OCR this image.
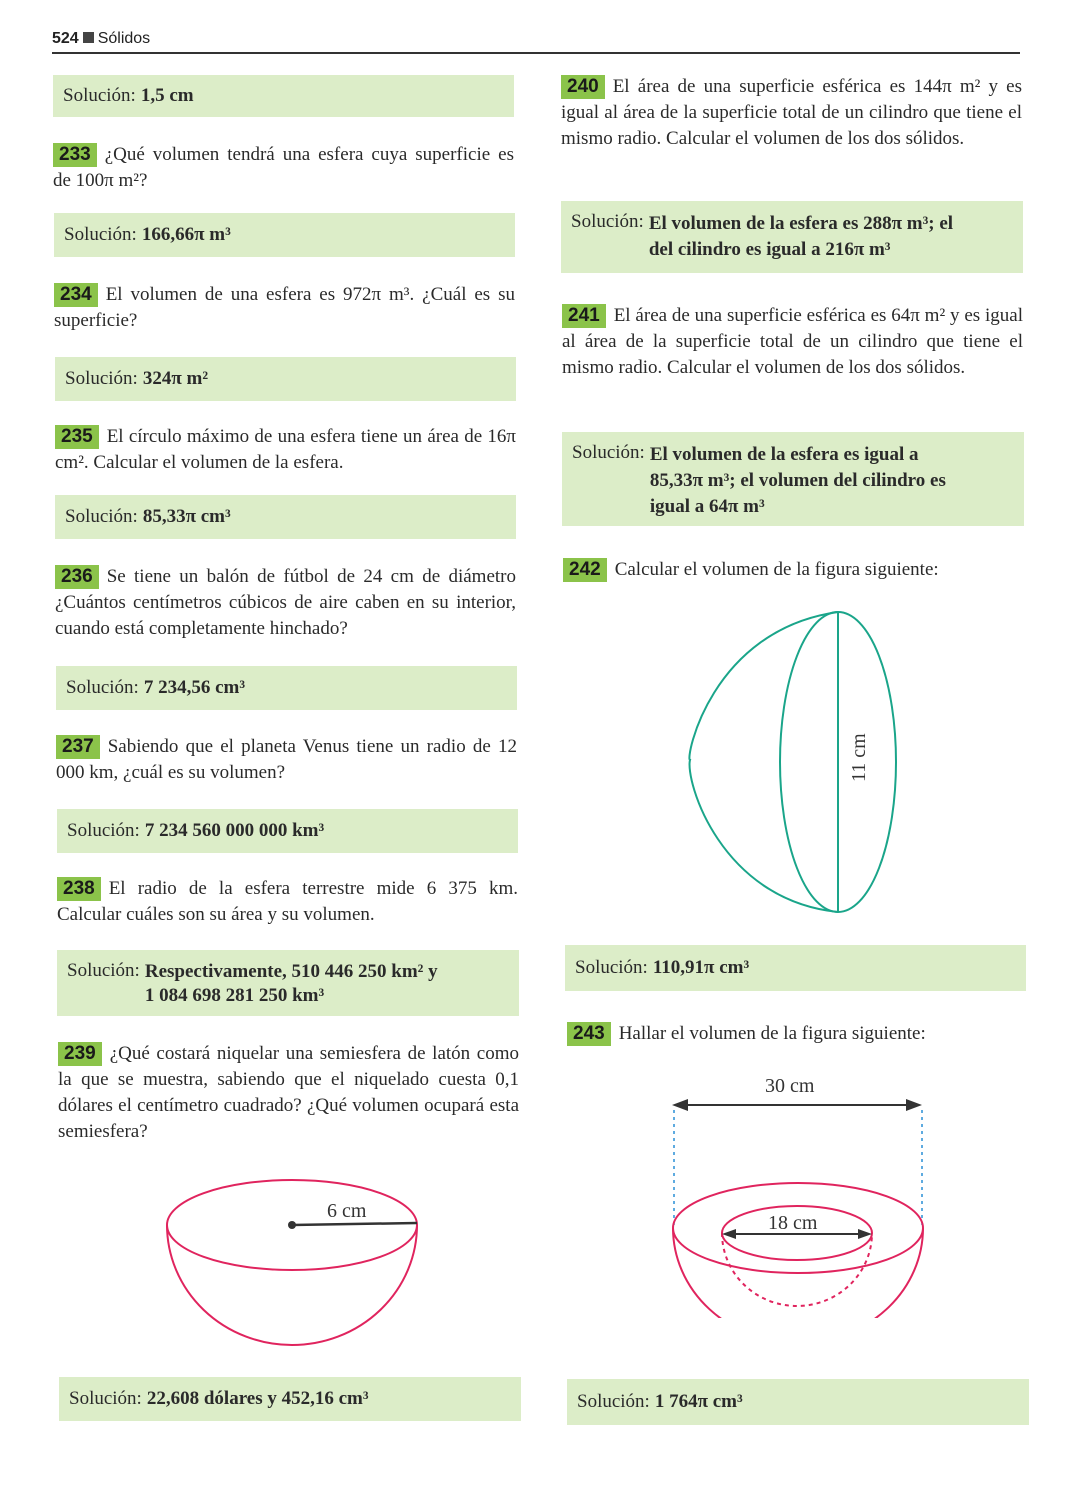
524 Sólidos
Solución: 1,5 cm
233 ¿Qué volumen tendrá una esfera cuya superficie es de 100π m²?
Solución: 166,66π m³
234 El volumen de una esfera es 972π m³. ¿Cuál es su superficie?
Solución: 324π m²
235 El círculo máximo de una esfera tiene un área de 16π cm². Calcular el volumen de la esfera.
Solución: 85,33π cm³
236 Se tiene un balón de fútbol de 24 cm de diámetro ¿Cuántos centímetros cúbicos de aire caben en su interior, cuando está completamente hinchado?
Solución: 7 234,56 cm³
237 Sabiendo que el planeta Venus tiene un radio de 12 000 km, ¿cuál es su volumen?
Solución: 7 234 560 000 000 km³
238 El radio de la esfera terrestre mide 6 375 km. Calcular cuáles son su área y su volumen.
Solución: Respectivamente, 510 446 250 km² y
1 084 698 281 250 km³
239 ¿Qué costará niquelar una semiesfera de latón como la que se muestra, sabiendo que el niquelado cuesta 0,1 dólares el centímetro cuadrado? ¿Qué volumen ocupará esta semiesfera?
6 cm
Solución: 22,608 dólares y 452,16 cm³
240 El área de una superficie esférica es 144π m² y es igual al área de la superficie total de un cilindro que tiene el mismo radio. Calcular el volumen de los dos sólidos.
Solución: El volumen de la esfera es 288π m³; el
del cilindro es igual a 216π m³
241 El área de una superficie esférica es 64π m² y es igual al área de la superficie total de un cilindro que tiene el mismo radio. Calcular el volumen de los dos sólidos.
Solución: El volumen de la esfera es igual a
85,33π m³; el volumen del cilindro es
igual a 64π m³
242 Calcular el volumen de la figura siguiente:
11 cm
Solución: 110,91π cm³
243 Hallar el volumen de la figura siguiente:
30 cm
18 cm
Solución: 1 764π cm³
